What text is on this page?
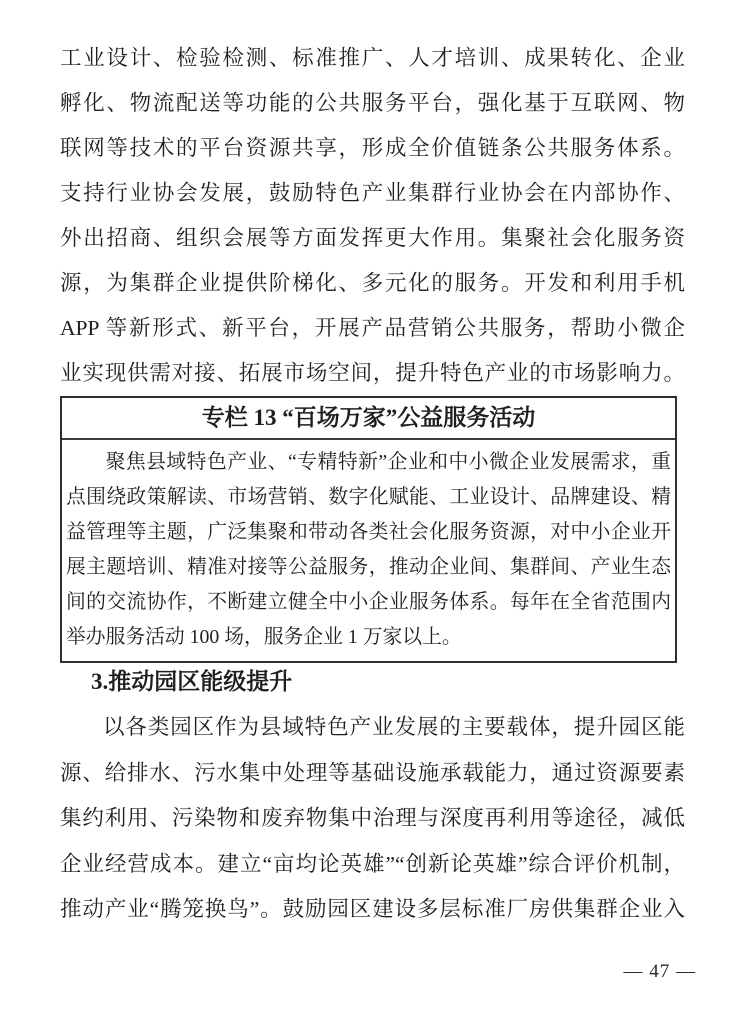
工业设计、检验检测、标准推广、人才培训、成果转化、企业
孵化、物流配送等功能的公共服务平台，强化基于互联网、物
联网等技术的平台资源共享，形成全价值链条公共服务体系。
支持行业协会发展，鼓励特色产业集群行业协会在内部协作、
外出招商、组织会展等方面发挥更大作用。集聚社会化服务资
源，为集群企业提供阶梯化、多元化的服务。开发和利用手机
APP 等新形式、新平台，开展产品营销公共服务，帮助小微企
业实现供需对接、拓展市场空间，提升特色产业的市场影响力。
专栏 13 “百场万家”公益服务活动
聚焦县域特色产业、“专精特新”企业和中小微企业发展需求，重
点围绕政策解读、市场营销、数字化赋能、工业设计、品牌建设、精
益管理等主题，广泛集聚和带动各类社会化服务资源，对中小企业开
展主题培训、精准对接等公益服务，推动企业间、集群间、产业生态
间的交流协作，不断建立健全中小企业服务体系。每年在全省范围内
举办服务活动 100 场，服务企业 1 万家以上。
3.推动园区能级提升
以各类园区作为县域特色产业发展的主要载体，提升园区能
源、给排水、污水集中处理等基础设施承载能力，通过资源要素
集约利用、污染物和废弃物集中治理与深度再利用等途径，减低
企业经营成本。建立“亩均论英雄”“创新论英雄”综合评价机制，
推动产业“腾笼换鸟”。鼓励园区建设多层标准厂房供集群企业入
— 47 —
